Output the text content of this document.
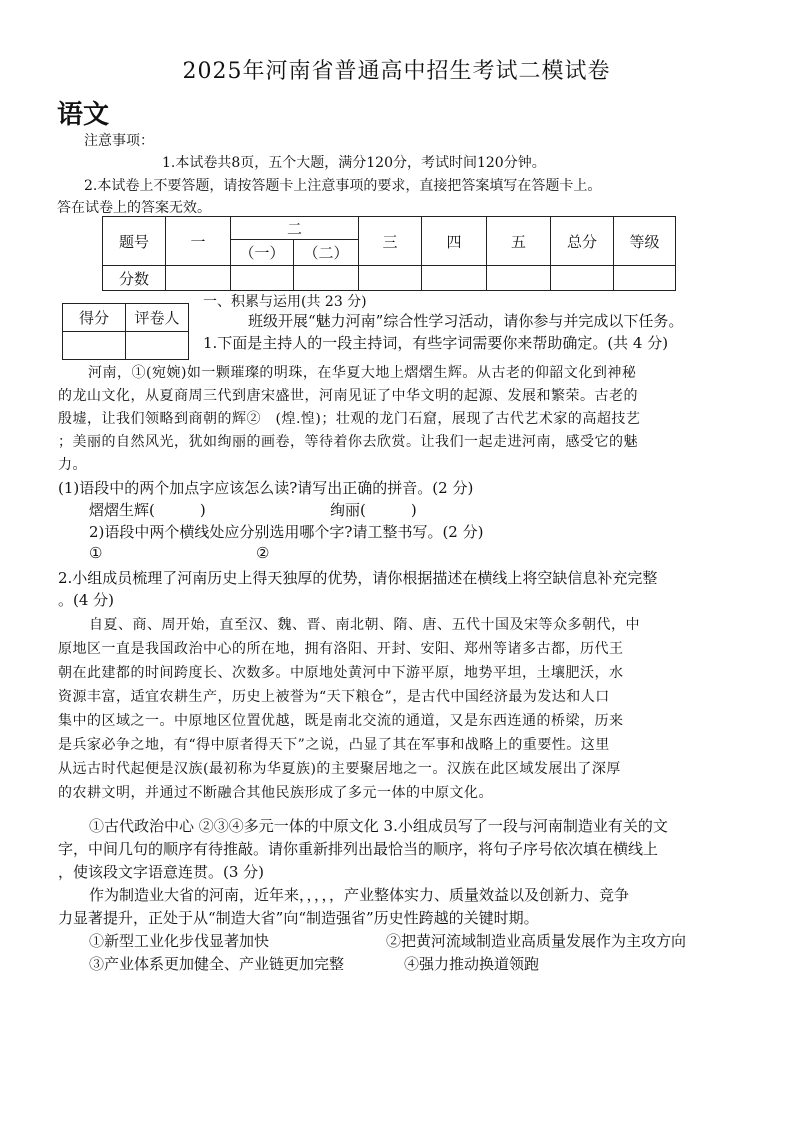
2025年河南省普通高中招生考试二模试卷
语文
注意事项：
1.本试卷共8页，五个大题，满分120分，考试时间120分钟。
2.本试卷上不要答题，请按答题卡上注意事项的要求，直接把答案填写在答题卡上。
答在试卷上的答案无效。
题号	一	二		三	四	五	总分	等级
		（一）	（二）					
分数								
得分	评卷人

一、积累与运用(共 23 分)
班级开展“魅力河南”综合性学习活动，请你参与并完成以下任务。
1.下面是主持人的一段主持词，有些字词需要你来帮助确定。(共 4 分)
河南，①(宛婉)如一颗璀璨的明珠，在华夏大地上熠熠生辉。从古老的仰韶文化到神秘
的龙山文化，从夏商周三代到唐宋盛世，河南见证了中华文明的起源、发展和繁荣。古老的
殷墟，让我们领略到商朝的辉②　(煌.惶)；壮观的龙门石窟，展现了古代艺术家的高超技艺
；美丽的自然风光，犹如绚丽的画卷，等待着你去欣赏。让我们一起走进河南，感受它的魅
力。
(1)语段中的两个加点字应该怎么读?请写出正确的拼音。(2 分)
熠熠生辉(　　　)	绚丽(　　　)
2)语段中两个横线处应分别选用哪个字?请工整书写。(2 分)
①	②
2.小组成员梳理了河南历史上得天独厚的优势，请你根据描述在横线上将空缺信息补充完整
。(4 分)
自夏、商、周开始，直至汉、魏、晋、南北朝、隋、唐、五代十国及宋等众多朝代，中
原地区一直是我国政治中心的所在地，拥有洛阳、开封、安阳、郑州等诸多古都，历代王
朝在此建都的时间跨度长、次数多。中原地处黄河中下游平原，地势平坦，土壤肥沃，水
资源丰富，适宜农耕生产，历史上被誉为“天下粮仓”，是古代中国经济最为发达和人口
集中的区域之一。中原地区位置优越，既是南北交流的通道，又是东西连通的桥梁，历来
是兵家必争之地，有“得中原者得天下”之说，凸显了其在军事和战略上的重要性。这里
从远古时代起便是汉族(最初称为华夏族)的主要聚居地之一。汉族在此区域发展出了深厚
的农耕文明，并通过不断融合其他民族形成了多元一体的中原文化。
①古代政治中心 ②③④多元一体的中原文化 3.小组成员写了一段与河南制造业有关的文
字，中间几句的顺序有待推敲。请你重新排列出最恰当的顺序，将句子序号依次填在横线上
，使该段文字语意连贯。(3 分)
作为制造业大省的河南，近年来，，，，，产业整体实力、质量效益以及创新力、竞争
力显著提升，正处于从“制造大省”向“制造强省”历史性跨越的关键时期。
①新型工业化步伐显著加快	②把黄河流域制造业高质量发展作为主攻方向
③产业体系更加健全、产业链更加完整	④强力推动换道领跑
